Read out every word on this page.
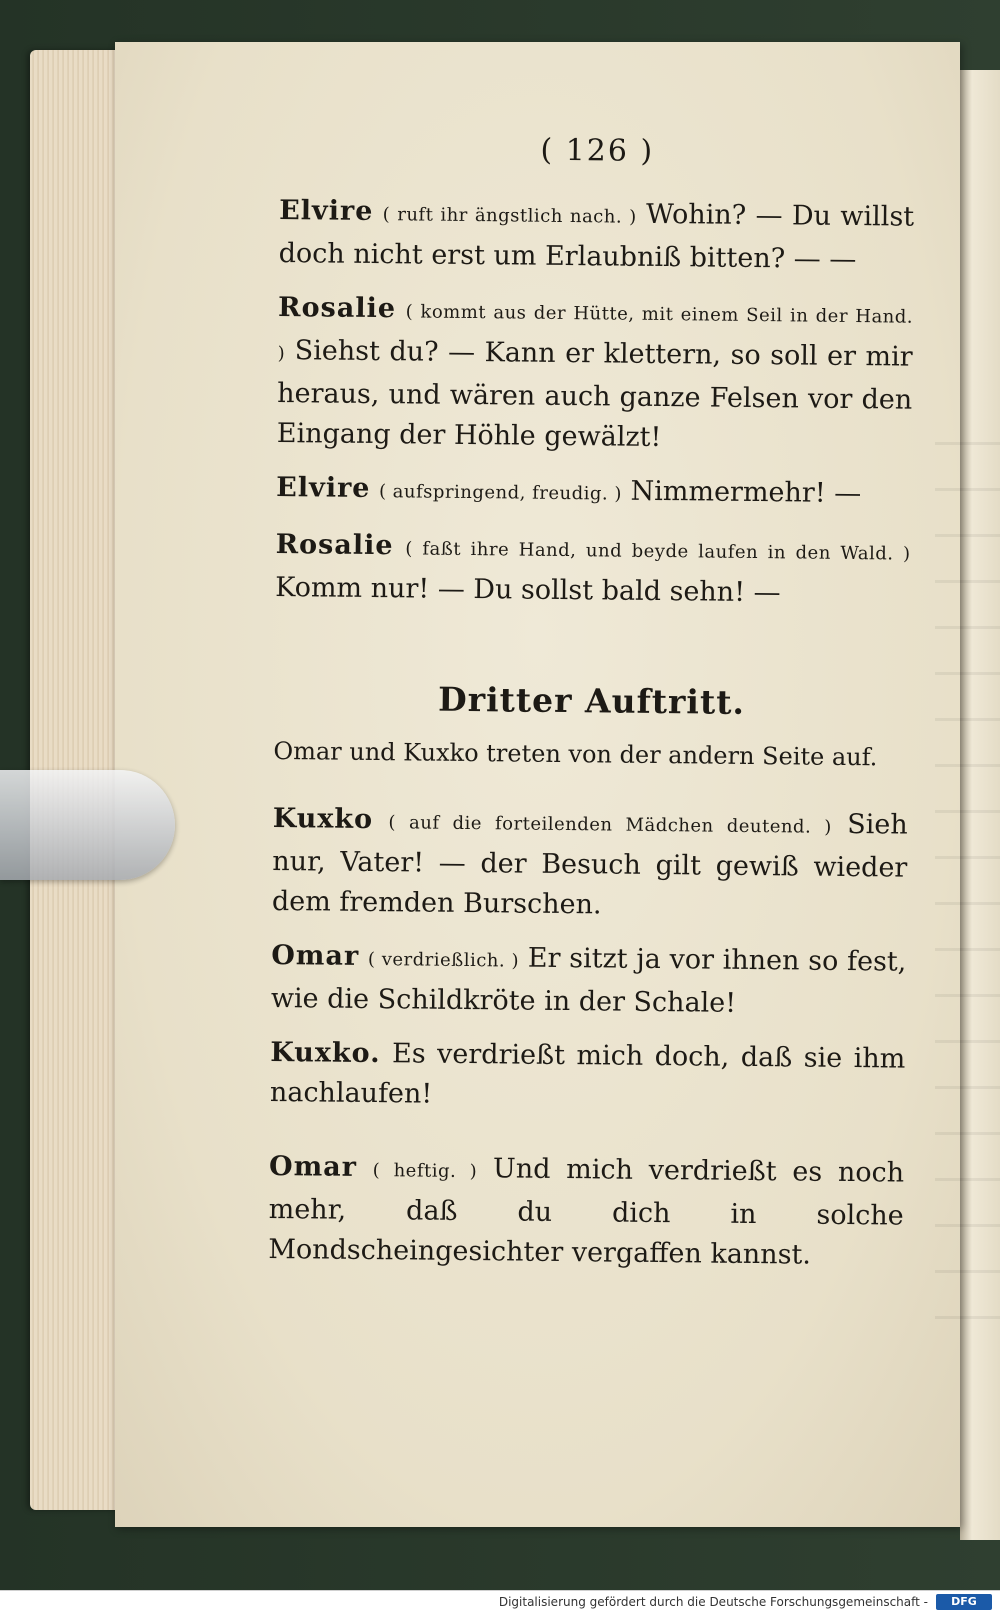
( 126 )

Elvire ( ruft ihr ängstlich nach. ) Wohin? — Du willst doch nicht erst um Erlaubniß bitten? — —

Rosalie ( kommt aus der Hütte, mit einem Seil in der Hand. ) Siehst du? — Kann er klettern, so soll er mir heraus, und wären auch ganze Felsen vor den Eingang der Höhle gewälzt!

Elvire ( aufspringend, freudig. ) Nimmermehr! —

Rosalie ( faßt ihre Hand, und beyde laufen in den Wald. ) Komm nur! — Du sollst bald sehn! —

Dritter Auftritt.

Omar und Kuxko treten von der andern Seite auf.

Kuxko ( auf die forteilenden Mädchen deutend. ) Sieh nur, Vater! — der Besuch gilt gewiß wieder dem fremden Burschen.

Omar ( verdrießlich. ) Er sitzt ja vor ihnen so fest, wie die Schildkröte in der Schale!

Kuxko. Es verdrießt mich doch, daß sie ihm nachlaufen!

Omar ( heftig. ) Und mich verdrießt es noch mehr, daß du dich in solche Mondscheingesichter vergaffen kannst.

Digitalisierung gefördert durch die Deutsche Forschungsgemeinschaft -	DFG
